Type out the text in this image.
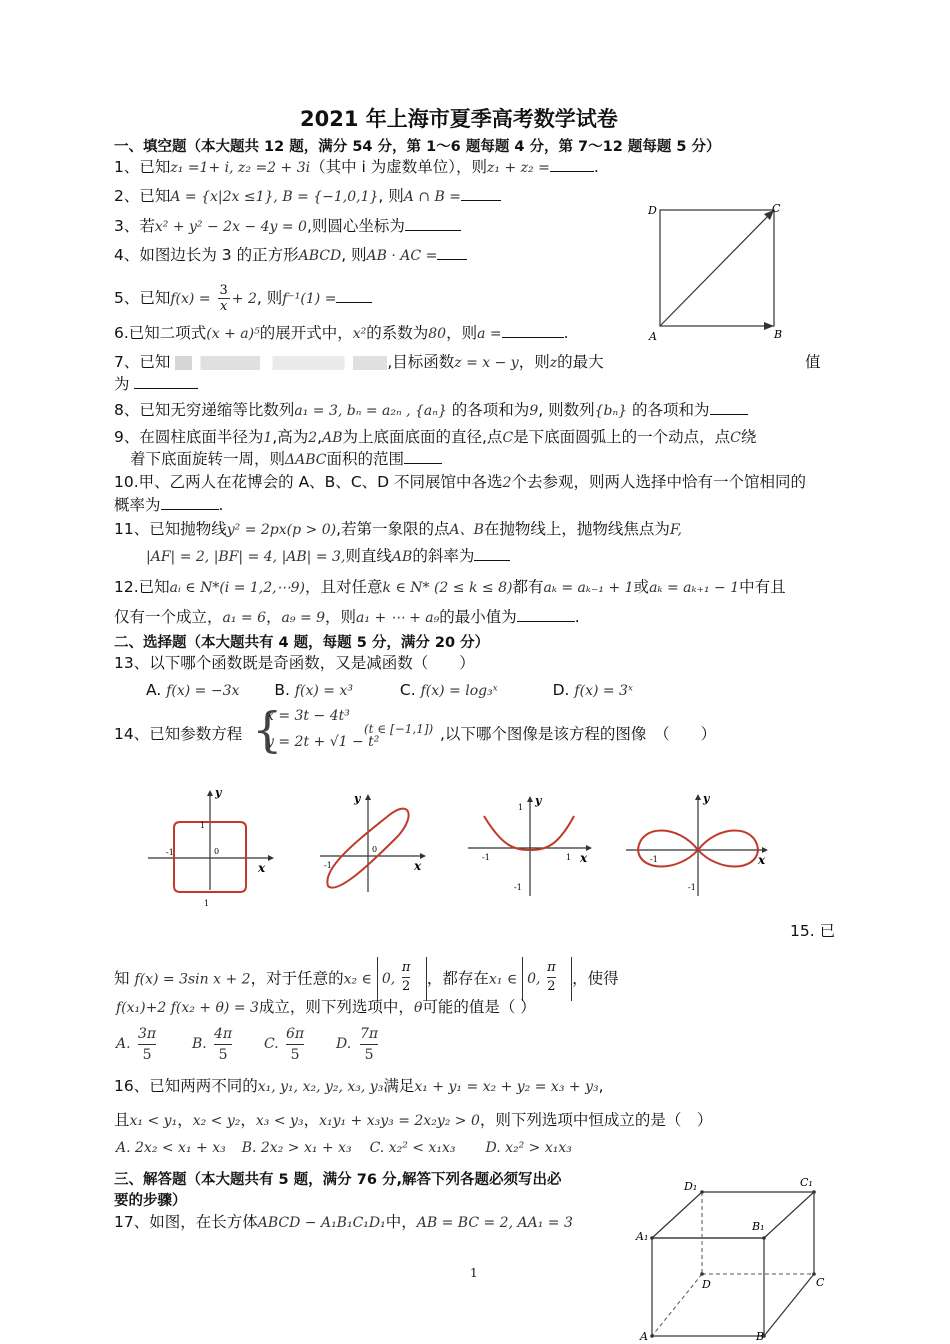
2021 年上海市夏季高考数学试卷
一、填空题（本大题共 12 题，满分 54 分，第 1～6 题每题 4 分，第 7～12 题每题 5 分）
1、已知z₁ =1+ i, z₂ =2 + 3i（其中 i 为虚数单位），则z₁ + z₂ =	.
2、已知A = {x|2x ≤1}, B = {−1,0,1}, 则A ∩ B =
3、若x² + y² − 2x − 4y = 0,则圆心坐标为
4、如图边长为 3 的正方形ABCD, 则AB · AC =
5、已知$f(x) = \frac{3}{x} + 2$, 则f⁻¹(1) =
6.已知二项式(x + a)⁵的展开式中，x²的系数为80，则a =	.
7、已知	,目标函数z = x − y，则z的最大	值
为
8、已知无穷递缩等比数列a₁ = 3, bₙ = a₂ₙ , {aₙ} 的各项和为9, 则数列{bₙ} 的各项和为
9、在圆柱底面半径为1,高为2,AB为上底面底面的直径,点C是下底面圆弧上的一个动点，点C绕
着下底面旋转一周，则ΔABC面积的范围
10.甲、乙两人在花博会的 A、B、C、D 不同展馆中各选2个去参观，则两人选择中恰有一个馆相同的
概率为	.
11、已知抛物线y² = 2px(p > 0),若第一象限的点A、B在抛物线上，抛物线焦点为F,
|AF| = 2, |BF| = 4, |AB| = 3,则直线AB的斜率为
12.已知aᵢ ∈ N*(i = 1,2,⋯9)，且对任意k ∈ N* (2 ≤ k ≤ 8)都有aₖ = aₖ₋₁ + 1或aₖ = aₖ₊₁ − 1中有且
仅有一个成立，a₁ = 6，a₉ = 9，则a₁ + ⋯ + a₉的最小值为	.
二、选择题（本大题共有 4 题，每题 5 分，满分 20 分）
13、以下哪个函数既是奇函数，又是减函数（　　）
A. f(x) = −3x B. f(x) = x³	C. f(x) = log₃ˣ	D. f(x) = 3ˣ
14、已知参数方程 {
x = 3t − 4t³
y = 2t + √1 − t²
(t ∈ [−1,1]) ,以下哪个图像是该方程的图像　（　　）
y
x
1
-1	0
1
y
x
-1
0
y
x
1
-1	1
-1
y
x
-1
-1
15. 已
知 f(x) = 3sin x + 2，对于任意的x₂ ∈ 0,
π
2 ，都存在x₁ ∈ 0,
π
2 ，使得
f(x₁)+2 f(x₂ + θ) = 3成立，则下列选项中，θ可能的值是（ ）
A.
3π
5
B.
4π
5
C.
6π
5
D.
7π
5
16、已知两两不同的x₁, y₁, x₂, y₂, x₃, y₃满足x₁ + y₁ = x₂ + y₂ = x₃ + y₃,
且x₁ < y₁，x₂ < y₂，x₃ < y₃，x₁y₁ + x₃y₃ = 2x₂y₂ > 0，则下列选项中恒成立的是（　）
A. 2x₂ < x₁ + x₃ B. 2x₂ > x₁ + x₃ C. x₂² < x₁x₃ D. x₂² > x₁x₃
三、解答题（本大题共有 5 题，满分 76 分,解答下列各题必须写出必
要的步骤）
17、如图，在长方体ABCD − A₁B₁C₁D₁中，AB = BC = 2, AA₁ = 3
D	C
A	B
D₁	C₁
B₁
A₁
D	C
A	B
1
